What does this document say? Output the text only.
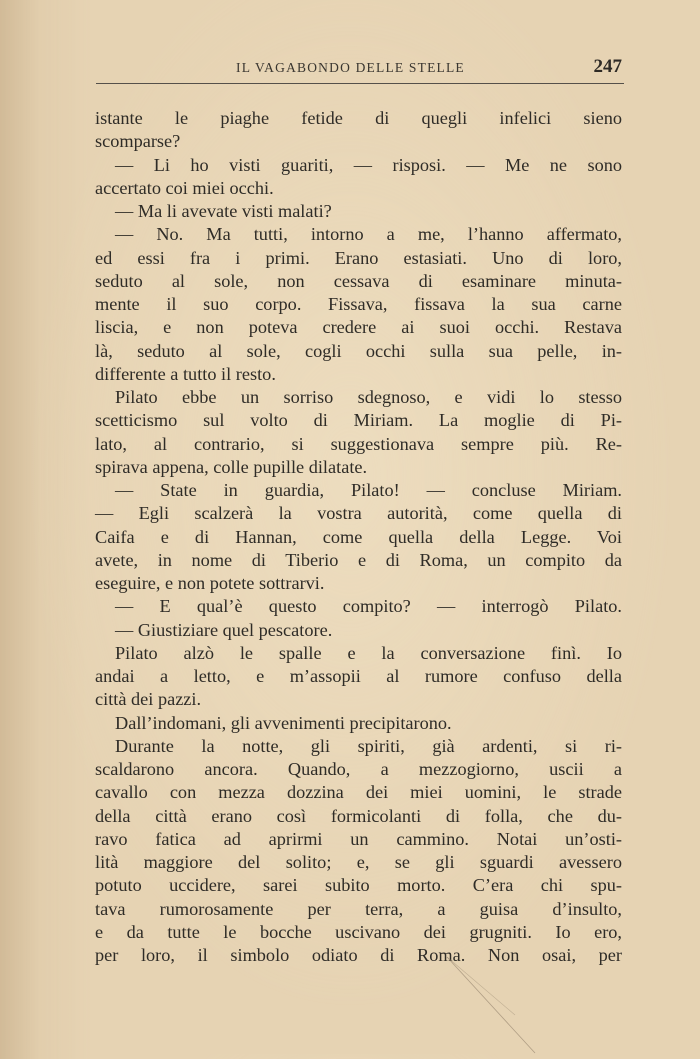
IL VAGABONDO DELLE STELLE	247
istante le piaghe fetide di quegli infelici sieno
scomparse?
— Li ho visti guariti, — risposi. — Me ne sono
accertato coi miei occhi.
— Ma li avevate visti malati?
— No. Ma tutti, intorno a me, l’hanno affermato,
ed essi fra i primi. Erano estasiati. Uno di loro,
seduto al sole, non cessava di esaminare minuta-
mente il suo corpo. Fissava, fissava la sua carne
liscia, e non poteva credere ai suoi occhi. Restava
là, seduto al sole, cogli occhi sulla sua pelle, in-
differente a tutto il resto.
Pilato ebbe un sorriso sdegnoso, e vidi lo stesso
scetticismo sul volto di Miriam. La moglie di Pi-
lato, al contrario, si suggestionava sempre più. Re-
spirava appena, colle pupille dilatate.
— State in guardia, Pilato! — concluse Miriam.
— Egli scalzerà la vostra autorità, come quella di
Caifa e di Hannan, come quella della Legge. Voi
avete, in nome di Tiberio e di Roma, un compito da
eseguire, e non potete sottrarvi.
— E qual’è questo compito? — interrogò Pilato.
— Giustiziare quel pescatore.
Pilato alzò le spalle e la conversazione finì. Io
andai a letto, e m’assopii al rumore confuso della
città dei pazzi.
Dall’indomani, gli avvenimenti precipitarono.
Durante la notte, gli spiriti, già ardenti, si ri-
scaldarono ancora. Quando, a mezzogiorno, uscii a
cavallo con mezza dozzina dei miei uomini, le strade
della città erano così formicolanti di folla, che du-
ravo fatica ad aprirmi un cammino. Notai un’osti-
lità maggiore del solito; e, se gli sguardi avessero
potuto uccidere, sarei subito morto. C’era chi spu-
tava rumorosamente per terra, a guisa d’insulto,
e da tutte le bocche uscivano dei grugniti. Io ero,
per loro, il simbolo odiato di Roma. Non osai, per
